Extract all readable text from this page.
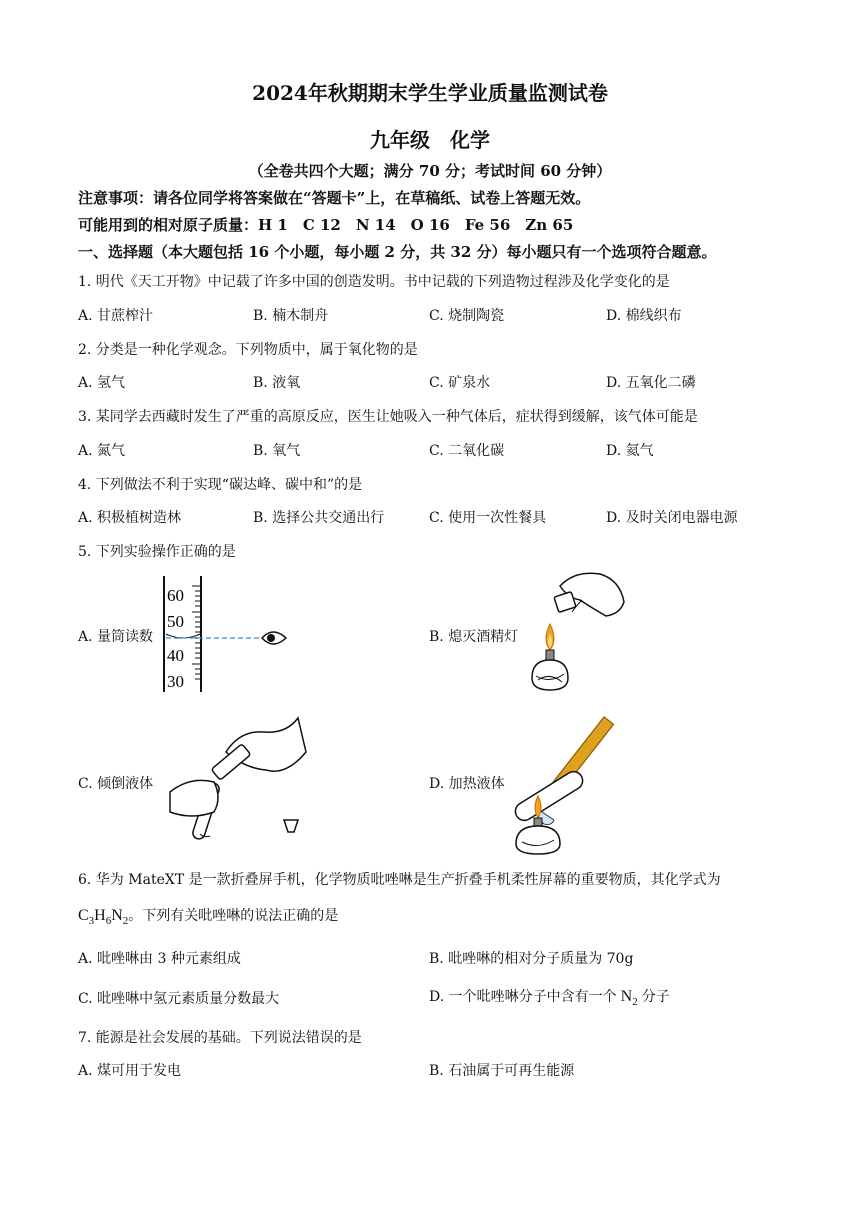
2024年秋期期末学生学业质量监测试卷
九年级　化学
（全卷共四个大题；满分 70 分；考试时间 60 分钟）
注意事项：请各位同学将答案做在“答题卡”上，在草稿纸、试卷上答题无效。
可能用到的相对原子质量：H 1　C 12　N 14　O 16　Fe 56　Zn 65
一、选择题（本大题包括 16 个小题，每小题 2 分，共 32 分）每小题只有一个选项符合题意。
1. 明代《天工开物》中记载了许多中国的创造发明。书中记载的下列造物过程涉及化学变化的是
A. 甘蔗榨汁	B. 楠木制舟	C. 烧制陶瓷	D. 棉线织布
2. 分类是一种化学观念。下列物质中，属于氧化物的是
A. 氢气	B. 液氧	C. 矿泉水	D. 五氧化二磷
3. 某同学去西藏时发生了严重的高原反应，医生让她吸入一种气体后，症状得到缓解，该气体可能是
A. 氮气	B. 氧气	C. 二氧化碳	D. 氦气
4. 下列做法不利于实现“碳达峰、碳中和”的是
A. 积极植树造林	B. 选择公共交通出行	C. 使用一次性餐具	D. 及时关闭电器电源
5. 下列实验操作正确的是
A. 量筒读数	B. 熄灭酒精灯
C. 倾倒液体	D. 加热液体
60
50
40
30
6. 华为 MateXT 是一款折叠屏手机，化学物质吡唑啉是生产折叠手机柔性屏幕的重要物质，其化学式为
$C_3H_6N_2$。下列有关吡唑啉的说法正确的是
A. 吡唑啉由 3 种元素组成	B. 吡唑啉的相对分子质量为 70g
C. 吡唑啉中氢元素质量分数最大	D. 一个吡唑啉分子中含有一个 $N_2$ 分子
7. 能源是社会发展的基础。下列说法错误的是
A. 煤可用于发电	B. 石油属于可再生能源
